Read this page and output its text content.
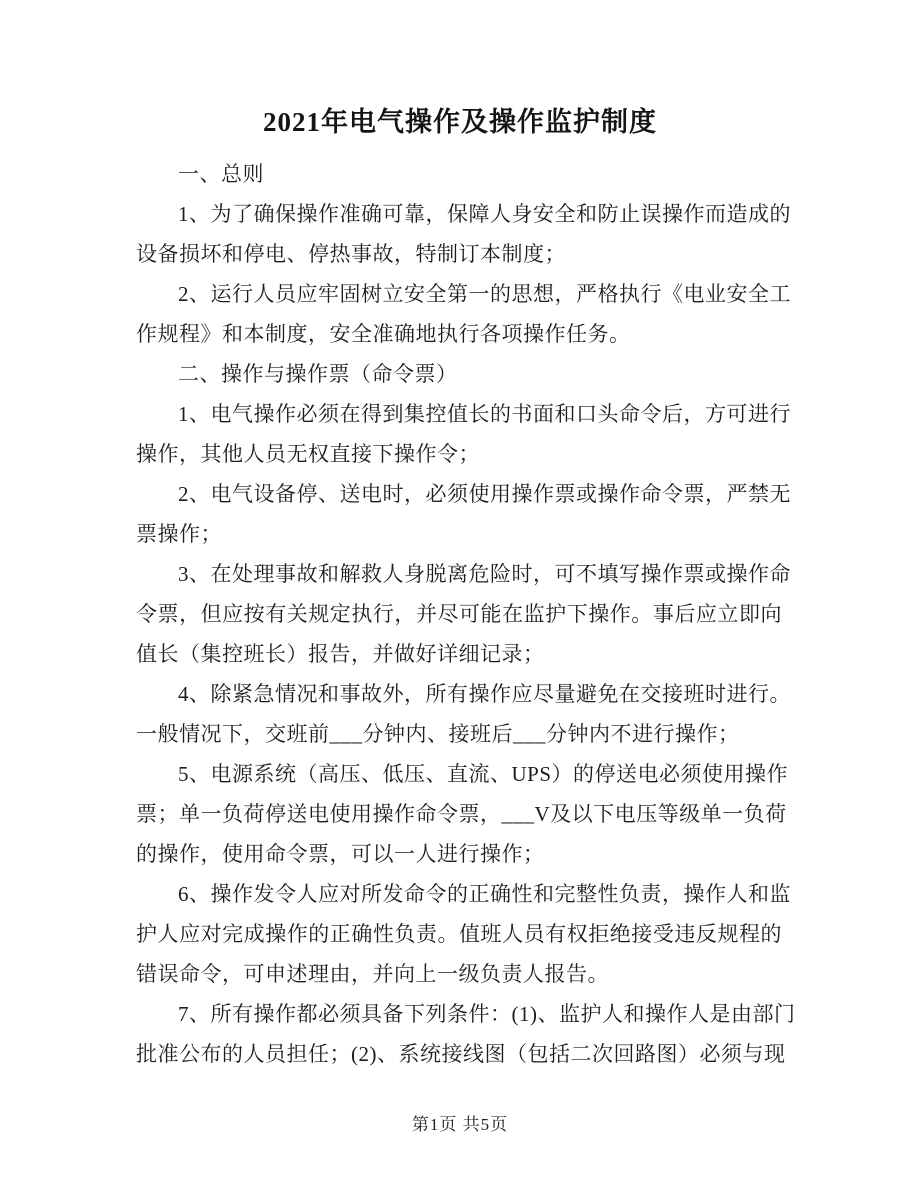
2021年电气操作及操作监护制度
一、总则
1、为了确保操作准确可靠，保障人身安全和防止误操作而造成的
设备损坏和停电、停热事故，特制订本制度；
2、运行人员应牢固树立安全第一的思想，严格执行《电业安全工
作规程》和本制度，安全准确地执行各项操作任务。
二、操作与操作票（命令票）
1、电气操作必须在得到集控值长的书面和口头命令后，方可进行
操作，其他人员无权直接下操作令；
2、电气设备停、送电时，必须使用操作票或操作命令票，严禁无
票操作；
3、在处理事故和解救人身脱离危险时，可不填写操作票或操作命
令票，但应按有关规定执行，并尽可能在监护下操作。事后应立即向
值长（集控班长）报告，并做好详细记录；
4、除紧急情况和事故外，所有操作应尽量避免在交接班时进行。
一般情况下，交班前___分钟内、接班后___分钟内不进行操作；
5、电源系统（高压、低压、直流、UPS）的停送电必须使用操作
票；单一负荷停送电使用操作命令票，___V及以下电压等级单一负荷
的操作，使用命令票，可以一人进行操作；
6、操作发令人应对所发命令的正确性和完整性负责，操作人和监
护人应对完成操作的正确性负责。值班人员有权拒绝接受违反规程的
错误命令，可申述理由，并向上一级负责人报告。
7、所有操作都必须具备下列条件：(1)、监护人和操作人是由部门
批准公布的人员担任；(2)、系统接线图（包括二次回路图）必须与现
第1页 共5页
